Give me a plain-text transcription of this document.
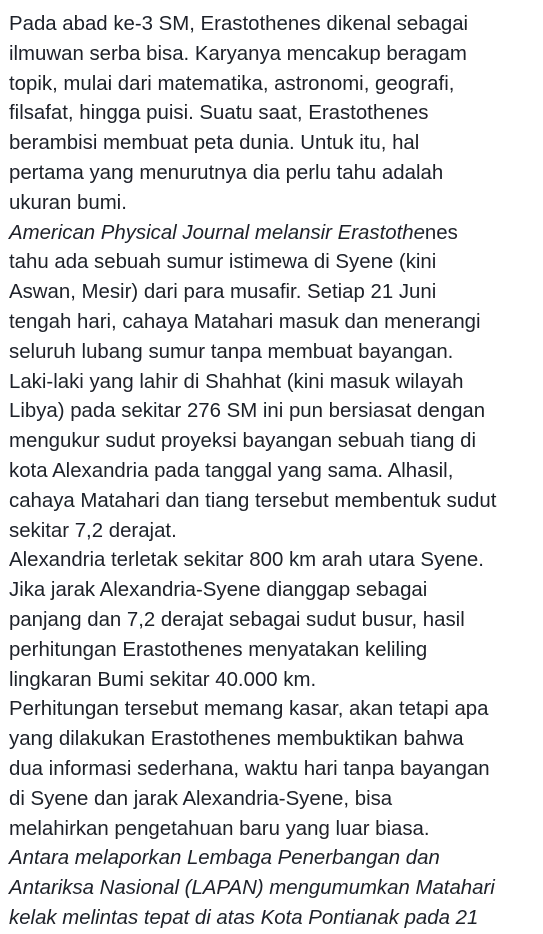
Pada abad ke-3 SM, Erastothenes dikenal sebagai
ilmuwan serba bisa. Karyanya mencakup beragam
topik, mulai dari matematika, astronomi, geografi,
filsafat, hingga puisi. Suatu saat, Erastothenes
berambisi membuat peta dunia. Untuk itu, hal
pertama yang menurutnya dia perlu tahu adalah
ukuran bumi.
American Physical Journal melansir Erastothenes
tahu ada sebuah sumur istimewa di Syene (kini
Aswan, Mesir) dari para musafir. Setiap 21 Juni
tengah hari, cahaya Matahari masuk dan menerangi
seluruh lubang sumur tanpa membuat bayangan.
Laki-laki yang lahir di Shahhat (kini masuk wilayah
Libya) pada sekitar 276 SM ini pun bersiasat dengan
mengukur sudut proyeksi bayangan sebuah tiang di
kota Alexandria pada tanggal yang sama. Alhasil,
cahaya Matahari dan tiang tersebut membentuk sudut
sekitar 7,2 derajat.
Alexandria terletak sekitar 800 km arah utara Syene.
Jika jarak Alexandria-Syene dianggap sebagai
panjang dan 7,2 derajat sebagai sudut busur, hasil
perhitungan Erastothenes menyatakan keliling
lingkaran Bumi sekitar 40.000 km.
Perhitungan tersebut memang kasar, akan tetapi apa
yang dilakukan Erastothenes membuktikan bahwa
dua informasi sederhana, waktu hari tanpa bayangan
di Syene dan jarak Alexandria-Syene, bisa
melahirkan pengetahuan baru yang luar biasa.
Antara melaporkan Lembaga Penerbangan dan
Antariksa Nasional (LAPAN) mengumumkan Matahari
kelak melintas tepat di atas Kota Pontianak pada 21
